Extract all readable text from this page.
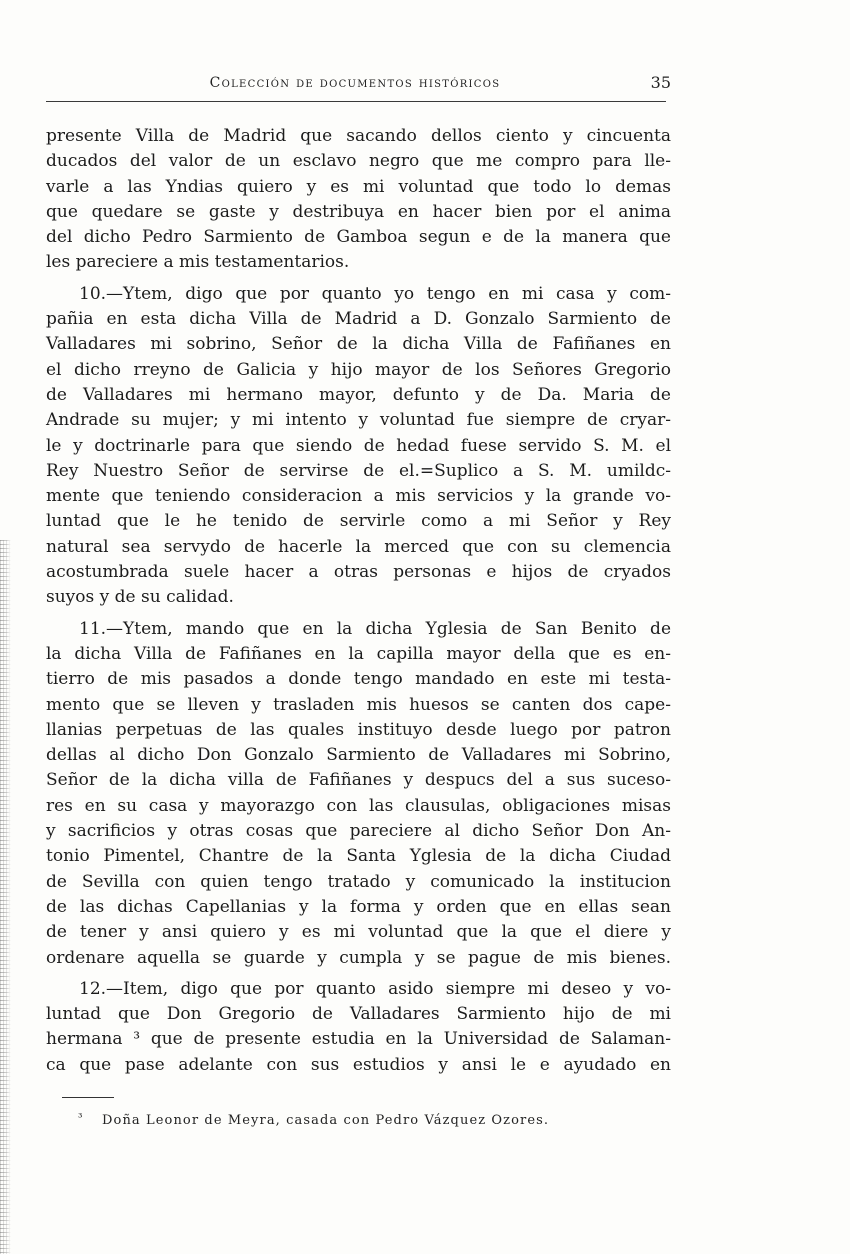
Colección de documentos históricos	35
presente Villa de Madrid que sacando dellos ciento y cincuenta
ducados del valor de un esclavo negro que me compro para lle-
varle a las Yndias quiero y es mi voluntad que todo lo demas
que quedare se gaste y destribuya en hacer bien por el anima
del dicho Pedro Sarmiento de Gamboa segun e de la manera que
les pareciere a mis testamentarios.
10.—Ytem, digo que por quanto yo tengo en mi casa y com-
pañia en esta dicha Villa de Madrid a D. Gonzalo Sarmiento de
Valladares mi sobrino, Señor de la dicha Villa de Fafiñanes en
el dicho rreyno de Galicia y hijo mayor de los Señores Gregorio
de Valladares mi hermano mayor, defunto y de Da. Maria de
Andrade su mujer; y mi intento y voluntad fue siempre de cryar-
le y doctrinarle para que siendo de hedad fuese servido S. M. el
Rey Nuestro Señor de servirse de el.=Suplico a S. M. umildc-
mente que teniendo consideracion a mis servicios y la grande vo-
luntad que le he tenido de servirle como a mi Señor y Rey
natural sea servydo de hacerle la merced que con su clemencia
acostumbrada suele hacer a otras personas e hijos de cryados
suyos y de su calidad.
11.—Ytem, mando que en la dicha Yglesia de San Benito de
la dicha Villa de Fafiñanes en la capilla mayor della que es en-
tierro de mis pasados a donde tengo mandado en este mi testa-
mento que se lleven y trasladen mis huesos se canten dos cape-
llanias perpetuas de las quales instituyo desde luego por patron
dellas al dicho Don Gonzalo Sarmiento de Valladares mi Sobrino,
Señor de la dicha villa de Fafiñanes y despucs del a sus suceso-
res en su casa y mayorazgo con las clausulas, obligaciones misas
y sacrificios y otras cosas que pareciere al dicho Señor Don An-
tonio Pimentel, Chantre de la Santa Yglesia de la dicha Ciudad
de Sevilla con quien tengo tratado y comunicado la institucion
de las dichas Capellanias y la forma y orden que en ellas sean
de tener y ansi quiero y es mi voluntad que la que el diere y
ordenare aquella se guarde y cumpla y se pague de mis bienes.
12.—Item, digo que por quanto asido siempre mi deseo y vo-
luntad que Don Gregorio de Valladares Sarmiento hijo de mi
hermana ³ que de presente estudia en la Universidad de Salaman-
ca que pase adelante con sus estudios y ansi le e ayudado en
³ Doña Leonor de Meyra, casada con Pedro Vázquez Ozores.
